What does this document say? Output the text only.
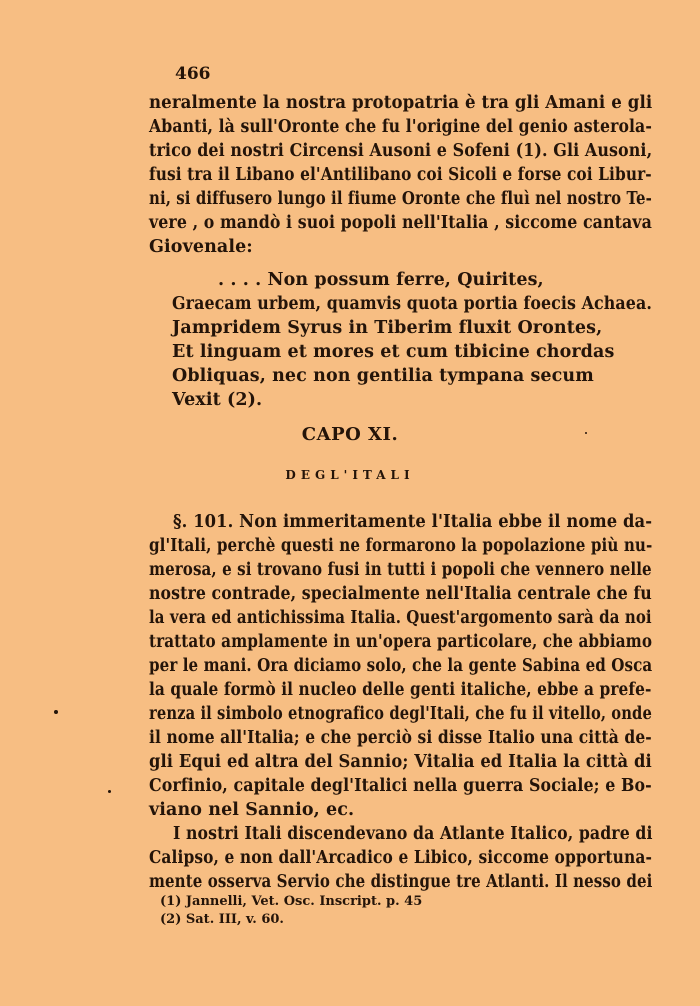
466
neralmente la nostra protopatria è tra gli Amani e gli
Abanti, là sull'Oronte che fu l'origine del genio asterola-
trico dei nostri Circensi Ausoni e Sofeni (1). Gli Ausoni,
fusi tra il Libano el'Antilibano coi Sicoli e forse coi Libur-
ni, si diffusero lungo il fiume Oronte che fluì nel nostro Te-
vere , o mandò i suoi popoli nell'Italia , siccome cantava
Giovenale:
. . . . Non possum ferre, Quirites,
Graecam urbem, quamvis quota portia foecis Achaea.
Jampridem Syrus in Tiberim fluxit Orontes,
Et linguam et mores et cum tibicine chordas
Obliquas, nec non gentilia tympana secum
Vexit (2).
CAPO XI.
DEGL'ITALI
§. 101. Non immeritamente l'Italia ebbe il nome da-
gl'Itali, perchè questi ne formarono la popolazione più nu-
merosa, e si trovano fusi in tutti i popoli che vennero nelle
nostre contrade, specialmente nell'Italia centrale che fu
la vera ed antichissima Italia. Quest'argomento sarà da noi
trattato amplamente in un'opera particolare, che abbiamo
per le mani. Ora diciamo solo, che la gente Sabina ed Osca
la quale formò il nucleo delle genti italiche, ebbe a prefe-
renza il simbolo etnografico degl'Itali, che fu il vitello, onde
il nome all'Italia; e che perciò si disse Italio una città de-
gli Equi ed altra del Sannio; Vitalia ed Italia la città di
Corfinio, capitale degl'Italici nella guerra Sociale; e Bo-
viano nel Sannio, ec.
I nostri Itali discendevano da Atlante Italico, padre di
Calipso, e non dall'Arcadico e Libico, siccome opportuna-
mente osserva Servio che distingue tre Atlanti. Il nesso dei
(1) Jannelli, Vet. Osc. Inscript. p. 45
(2) Sat. III, v. 60.
